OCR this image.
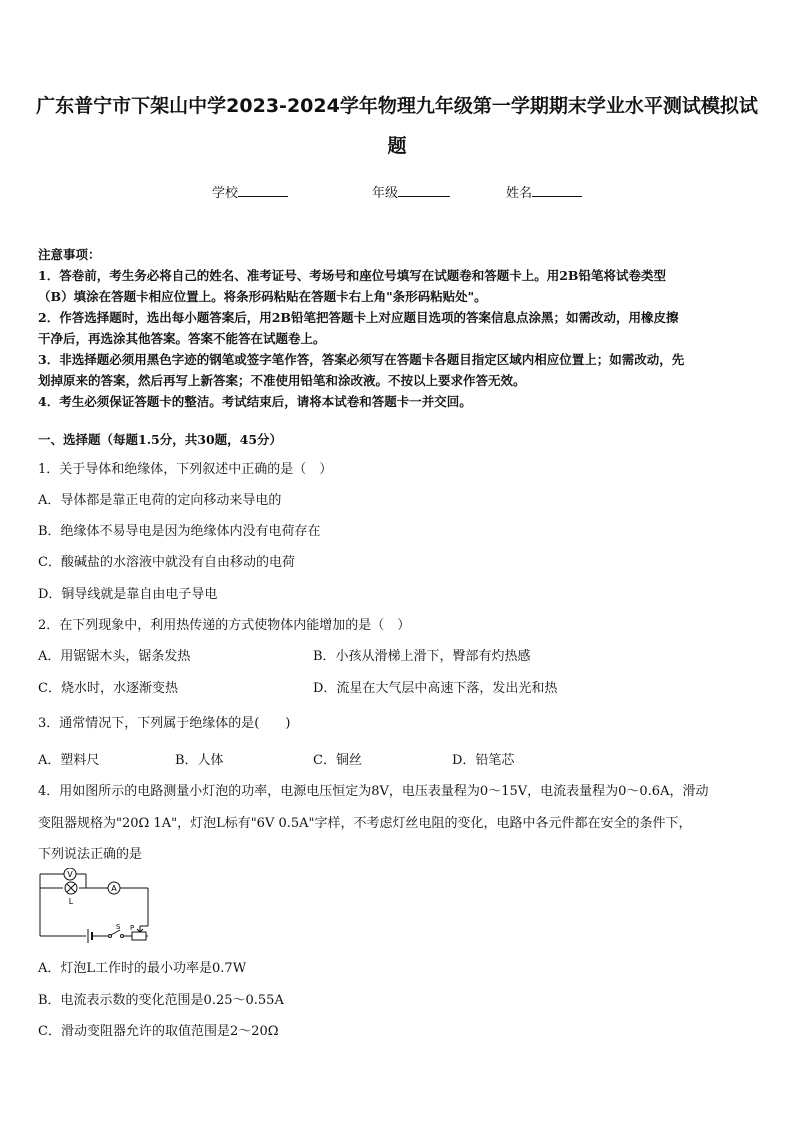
广东普宁市下架山中学2023-2024学年物理九年级第一学期期末学业水平测试模拟试
题
学校	年级	姓名
注意事项：
1．答卷前，考生务必将自己的姓名、准考证号、考场号和座位号填写在试题卷和答题卡上。用2B铅笔将试卷类型
（B）填涂在答题卡相应位置上。将条形码粘贴在答题卡右上角"条形码粘贴处"。
2．作答选择题时，选出每小题答案后，用2B铅笔把答题卡上对应题目选项的答案信息点涂黑；如需改动，用橡皮擦
干净后，再选涂其他答案。答案不能答在试题卷上。
3．非选择题必须用黑色字迹的钢笔或签字笔作答，答案必须写在答题卡各题目指定区域内相应位置上；如需改动，先
划掉原来的答案，然后再写上新答案；不准使用铅笔和涂改液。不按以上要求作答无效。
4．考生必须保证答题卡的整洁。考试结束后，请将本试卷和答题卡一并交回。
一、选择题（每题1.5分，共30题，45分）
1．关于导体和绝缘体，下列叙述中正确的是（　）
A．导体都是靠正电荷的定向移动来导电的
B．绝缘体不易导电是因为绝缘体内没有电荷存在
C．酸碱盐的水溶液中就没有自由移动的电荷
D．铜导线就是靠自由电子导电
2．在下列现象中，利用热传递的方式使物体内能增加的是（　）
A．用锯锯木头，锯条发热	B．小孩从滑梯上滑下，臀部有灼热感
C．烧水时，水逐渐变热	D．流星在大气层中高速下落，发出光和热
3．通常情况下，下列属于绝缘体的是(　　)
A．塑料尺	B．人体	C．铜丝	D．铅笔芯
4．用如图所示的电路测量小灯泡的功率，电源电压恒定为8V，电压表量程为0～15V，电流表量程为0～0.6A，滑动
变阻器规格为"20Ω 1A"，灯泡L标有"6V 0.5A"字样，不考虑灯丝电阻的变化，电路中各元件都在安全的条件下，
下列说法正确的是
V
L
A
S P
A．灯泡L工作时的最小功率是0.7W
B．电流表示数的变化范围是0.25～0.55A
C．滑动变阻器允许的取值范围是2～20Ω
